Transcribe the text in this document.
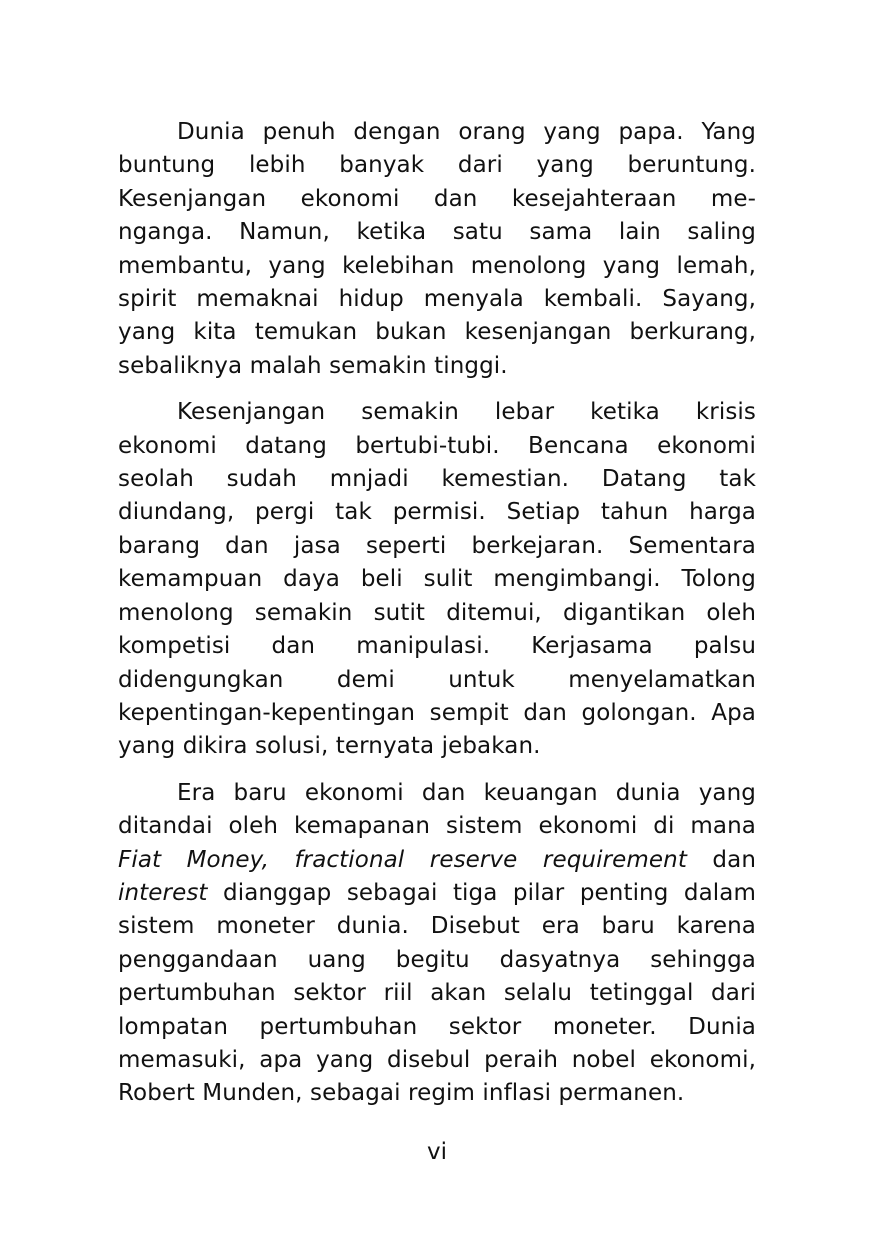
Dunia penuh dengan orang yang papa. Yang
buntung lebih banyak dari yang beruntung.
Kesenjangan ekonomi dan kesejahteraan me-
nganga. Namun, ketika satu sama lain saling
membantu, yang kelebihan menolong yang lemah,
spirit memaknai hidup menyala kembali. Sayang,
yang kita temukan bukan kesenjangan berkurang,
sebaliknya malah semakin tinggi.
Kesenjangan semakin lebar ketika krisis
ekonomi datang bertubi-tubi. Bencana ekonomi
seolah sudah mnjadi kemestian. Datang tak
diundang, pergi tak permisi. Setiap tahun harga
barang dan jasa seperti berkejaran. Sementara
kemampuan daya beli sulit mengimbangi. Tolong
menolong semakin sutit ditemui, digantikan oleh
kompetisi dan manipulasi. Kerjasama palsu
didengungkan demi untuk menyelamatkan
kepentingan-kepentingan sempit dan golongan. Apa
yang dikira solusi, ternyata jebakan.
Era baru ekonomi dan keuangan dunia yang
ditandai oleh kemapanan sistem ekonomi di mana
Fiat Money, fractional reserve requirement dan
interest dianggap sebagai tiga pilar penting dalam
sistem moneter dunia. Disebut era baru karena
penggandaan uang begitu dasyatnya sehingga
pertumbuhan sektor riil akan selalu tetinggal dari
lompatan pertumbuhan sektor moneter. Dunia
memasuki, apa yang disebul peraih nobel ekonomi,
Robert Munden, sebagai regim inflasi permanen.
vi
